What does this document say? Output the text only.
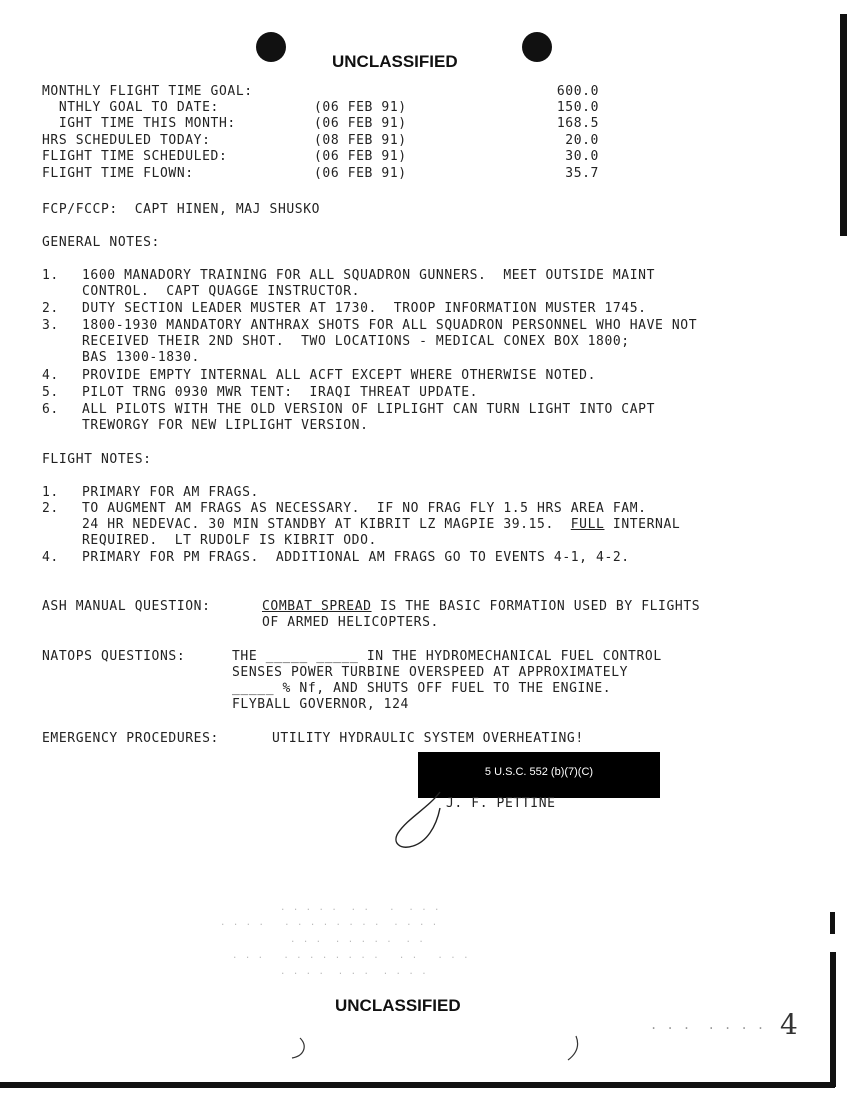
UNCLASSIFIED
MONTHLY FLIGHT TIME GOAL:	600.0
NTHLY GOAL TO DATE:	(06 FEB 91)	150.0
IGHT TIME THIS MONTH:	(06 FEB 91)	168.5
HRS SCHEDULED TODAY:	(08 FEB 91)	20.0
FLIGHT TIME SCHEDULED:	(06 FEB 91)	30.0
FLIGHT TIME FLOWN:	(06 FEB 91)	35.7
FCP/FCCP:  CAPT HINEN, MAJ SHUSKO
GENERAL NOTES:
1. 1600 MANADORY TRAINING FOR ALL SQUADRON GUNNERS.  MEET OUTSIDE MAINT
CONTROL.  CAPT QUAGGE INSTRUCTOR.
2. DUTY SECTION LEADER MUSTER AT 1730.  TROOP INFORMATION MUSTER 1745.
3. 1800-1930 MANDATORY ANTHRAX SHOTS FOR ALL SQUADRON PERSONNEL WHO HAVE NOT
RECEIVED THEIR 2ND SHOT.  TWO LOCATIONS - MEDICAL CONEX BOX 1800;
BAS 1300-1830.
4. PROVIDE EMPTY INTERNAL ALL ACFT EXCEPT WHERE OTHERWISE NOTED.
5. PILOT TRNG 0930 MWR TENT:  IRAQI THREAT UPDATE.
6. ALL PILOTS WITH THE OLD VERSION OF LIPLIGHT CAN TURN LIGHT INTO CAPT
TREWORGY FOR NEW LIPLIGHT VERSION.
FLIGHT NOTES:
1. PRIMARY FOR AM FRAGS.
2. TO AUGMENT AM FRAGS AS NECESSARY.  IF NO FRAG FLY 1.5 HRS AREA FAM.
24 HR NEDEVAC. 30 MIN STANDBY AT KIBRIT LZ MAGPIE 39.15.  FULL INTERNAL
REQUIRED.  LT RUDOLF IS KIBRIT ODO.
4. PRIMARY FOR PM FRAGS.  ADDITIONAL AM FRAGS GO TO EVENTS 4-1, 4-2.
ASH MANUAL QUESTION:	COMBAT SPREAD IS THE BASIC FORMATION USED BY FLIGHTS
OF ARMED HELICOPTERS.
NATOPS QUESTIONS:	THE _____ _____ IN THE HYDROMECHANICAL FUEL CONTROL
SENSES POWER TURBINE OVERSPEED AT APPROXIMATELY
_____ % Nf, AND SHUTS OFF FUEL TO THE ENGINE.
FLYBALL GOVERNOR, 124
EMERGENCY PROCEDURES:	UTILITY HYDRAULIC SYSTEM OVERHEATING!
5 U.S.C. 552 (b)(7)(C)
J. F. PETTINE
. . . . .  . .   .  . . .
. . . .   . . . . . . . .  . . . .
. . .  . . . . .  . .
. . .   . . . . . . . .   . .   . . .
. . . .  . . .  . . . .
UNCLASSIFIED
. . .  . . . . 4
